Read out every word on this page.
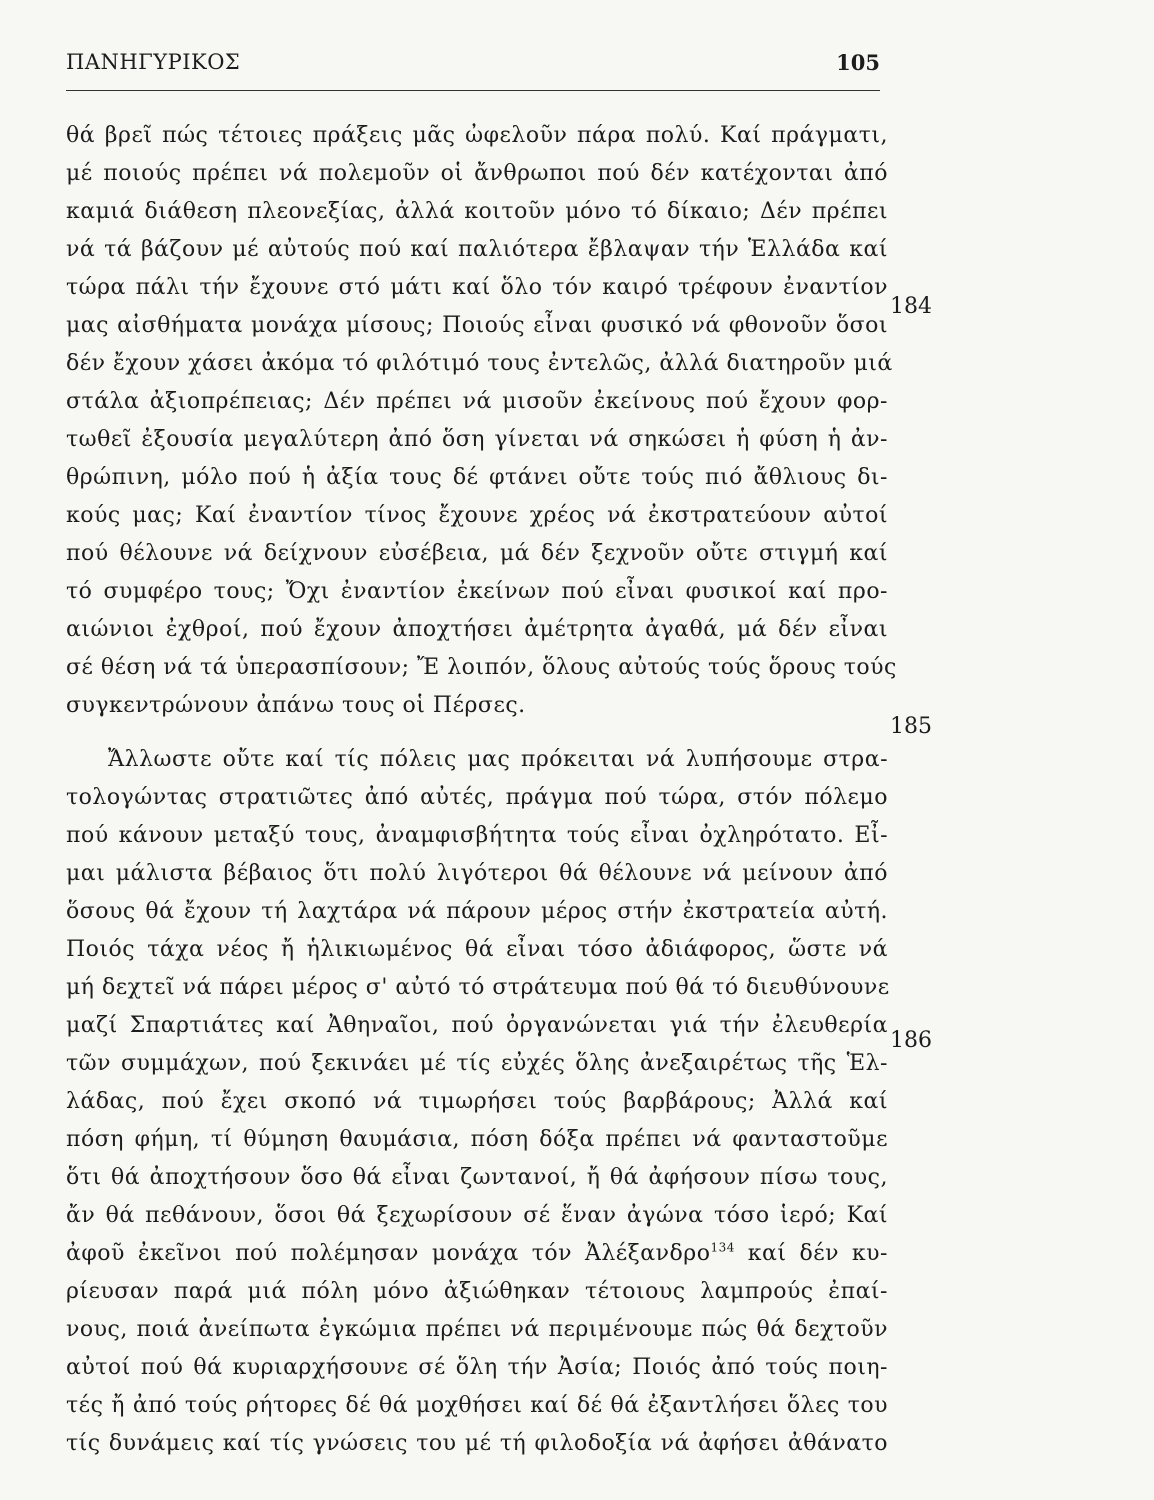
ΠΑΝΗΓΥΡΙΚΟΣ	105
θά βρεῖ πώς τέτοιες πράξεις μᾶς ὠφελοῦν πάρα πολύ. Καί πράγματι,
μέ ποιούς πρέπει νά πολεμοῦν οἱ ἄνθρωποι πού δέν κατέχονται ἀπό
καμιά διάθεση πλεονεξίας, ἀλλά κοιτοῦν μόνο τό δίκαιο; Δέν πρέπει
νά τά βάζουν μέ αὐτούς πού καί παλιότερα ἔβλαψαν τήν Ἑλλάδα καί
τώρα πάλι τήν ἔχουνε στό μάτι καί ὅλο τόν καιρό τρέφουν ἐναντίον
μας αἰσθήματα μονάχα μίσους; Ποιούς εἶναι φυσικό νά φθονοῦν ὅσοι
δέν ἔχουν χάσει ἀκόμα τό φιλότιμό τους ἐντελῶς, ἀλλά διατηροῦν μιά
στάλα ἀξιοπρέπειας; Δέν πρέπει νά μισοῦν ἐκείνους πού ἔχουν φορ-
τωθεῖ ἐξουσία μεγαλύτερη ἀπό ὅση γίνεται νά σηκώσει ἡ φύση ἡ ἀν-
θρώπινη, μόλο πού ἡ ἀξία τους δέ φτάνει οὔτε τούς πιό ἄθλιους δι-
κούς μας; Καί ἐναντίον τίνος ἔχουνε χρέος νά ἐκστρατεύουν αὐτοί
πού θέλουνε νά δείχνουν εὐσέβεια, μά δέν ξεχνοῦν οὔτε στιγμή καί
τό συμφέρο τους; Ὄχι ἐναντίον ἐκείνων πού εἶναι φυσικοί καί προ-
αιώνιοι ἐχθροί, πού ἔχουν ἀποχτήσει ἀμέτρητα ἀγαθά, μά δέν εἶναι
σέ θέση νά τά ὑπερασπίσουν; Ἔ λοιπόν, ὅλους αὐτούς τούς ὅρους τούς
συγκεντρώνουν ἀπάνω τους οἱ Πέρσες.
Ἄλλωστε οὔτε καί τίς πόλεις μας πρόκειται νά λυπήσουμε στρα-
τολογώντας στρατιῶτες ἀπό αὐτές, πράγμα πού τώρα, στόν πόλεμο
πού κάνουν μεταξύ τους, ἀναμφισβήτητα τούς εἶναι ὀχληρότατο. Εἶ-
μαι μάλιστα βέβαιος ὅτι πολύ λιγότεροι θά θέλουνε νά μείνουν ἀπό
ὅσους θά ἔχουν τή λαχτάρα νά πάρουν μέρος στήν ἐκστρατεία αὐτή.
Ποιός τάχα νέος ἤ ἡλικιωμένος θά εἶναι τόσο ἀδιάφορος, ὥστε νά
μή δεχτεῖ νά πάρει μέρος σ' αὐτό τό στράτευμα πού θά τό διευθύνουνε
μαζί Σπαρτιάτες καί Ἀθηναῖοι, πού ὀργανώνεται γιά τήν ἐλευθερία
τῶν συμμάχων, πού ξεκινάει μέ τίς εὐχές ὅλης ἀνεξαιρέτως τῆς Ἑλ-
λάδας, πού ἔχει σκοπό νά τιμωρήσει τούς βαρβάρους; Ἀλλά καί
πόση φήμη, τί θύμηση θαυμάσια, πόση δόξα πρέπει νά φανταστοῦμε
ὅτι θά ἀποχτήσουν ὅσο θά εἶναι ζωντανοί, ἤ θά ἀφήσουν πίσω τους,
ἄν θά πεθάνουν, ὅσοι θά ξεχωρίσουν σέ ἕναν ἀγώνα τόσο ἱερό; Καί
ἀφοῦ ἐκεῖνοι πού πολέμησαν μονάχα τόν Ἀλέξανδρο$^{134}$ καί δέν κυ-
ρίευσαν παρά μιά πόλη μόνο ἀξιώθηκαν τέτοιους λαμπρούς ἐπαί-
νους, ποιά ἀνείπωτα ἐγκώμια πρέπει νά περιμένουμε πώς θά δεχτοῦν
αὐτοί πού θά κυριαρχήσουνε σέ ὅλη τήν Ἀσία; Ποιός ἀπό τούς ποιη-
τές ἤ ἀπό τούς ρήτορες δέ θά μοχθήσει καί δέ θά ἐξαντλήσει ὅλες του
τίς δυνάμεις καί τίς γνώσεις του μέ τή φιλοδοξία νά ἀφήσει ἀθάνατο
184
185
186
